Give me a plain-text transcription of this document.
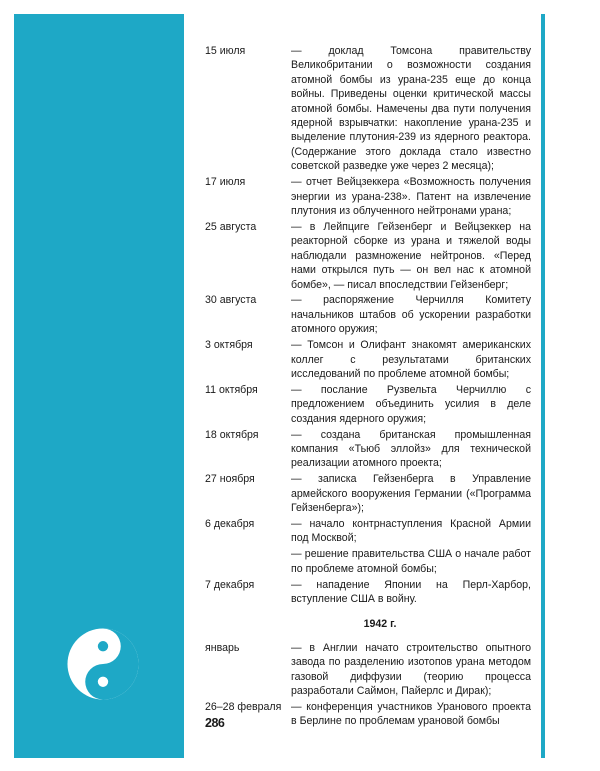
15 июля	— доклад Томсона правительству Великобритании о возможности создания атомной бомбы из урана-235 еще до конца войны. Приведены оценки критической массы атомной бомбы. Намечены два пути получения ядерной взрывчатки: накопление урана-235 и выделение плутония-239 из ядерного реактора. (Содержание этого доклада стало известно советской разведке уже через 2 месяца);
17 июля	— отчет Вейцзеккера «Возможность получения энергии из урана-238». Патент на извлечение плутония из облученного нейтронами урана;
25 августа	— в Лейпциге Гейзенберг и Вейцзеккер на реакторной сборке из урана и тяжелой воды наблюдали размножение нейтронов. «Перед нами открылся путь — он вел нас к атомной бомбе», — писал впоследствии Гейзенберг;
30 августа	— распоряжение Черчилля Комитету начальников штабов об ускорении разработки атомного оружия;
3 октября	— Томсон и Олифант знакомят американских коллег с результатами британских исследований по проблеме атомной бомбы;
11 октября	— послание Рузвельта Черчиллю с предложением объединить усилия в деле создания ядерного оружия;
18 октября	— создана британская промышленная компания «Тьюб эллойз» для технической реализации атомного проекта;
27 ноября	— записка Гейзенберга в Управление армейского вооружения Германии («Программа Гейзенберга»);
6 декабря	— начало контрнаступления Красной Армии под Москвой;
— решение правительства США о начале работ по проблеме атомной бомбы;
7 декабря	— нападение Японии на Перл-Харбор, вступление США в войну.
1942 г.
январь	— в Англии начато строительство опытного завода по разделению изотопов урана методом газовой диффузии (теорию процесса разработали Саймон, Пайерлс и Дирак);
26–28 февраля — конференция участников Уранового проекта в Берлине по проблемам урановой бомбы
286
